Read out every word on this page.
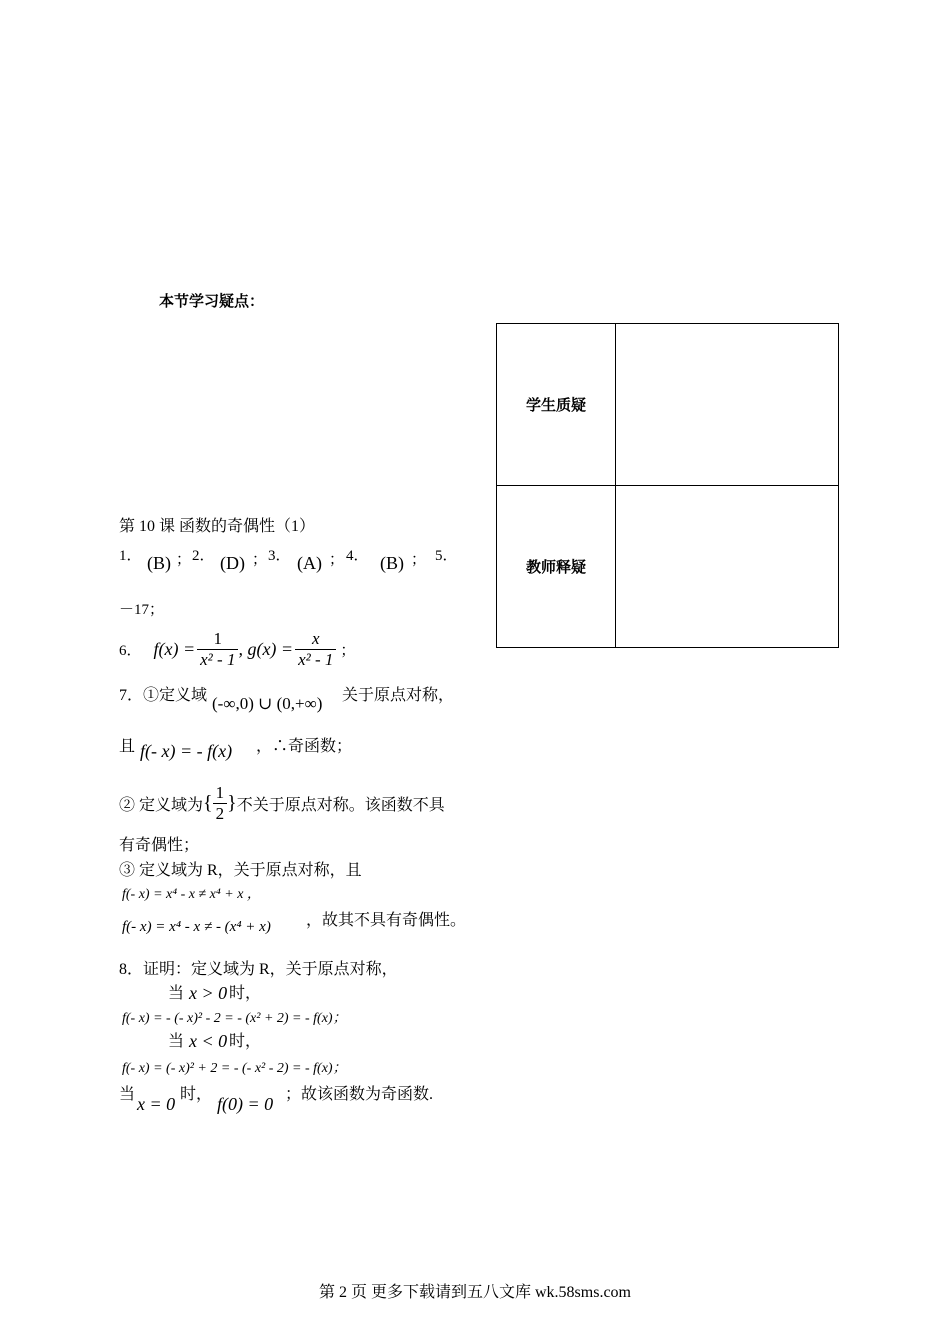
本节学习疑点：
学生质疑	
教师释疑	
第 10 课 函数的奇偶性（1）
1． (B) ； 2． (D) ； 3． (A) ； 4． (B) ； 5．
－17；
6． $f(x) = \frac{1}{\text{x² - 1}}$ , $g(x) = \frac{x}{\text{x² - 1}}$ ；
7．①定义域 (-∞,0) ∪ (0,+∞) 关于原点对称，
且 f(- x) = - f(x) ，∴奇函数；
② 定义域为 { $\frac{1}{2}$ } 不关于原点对称。该函数不具
有奇偶性；
③ 定义域为 R，关于原点对称，且
f(- x) = x⁴ - x ≠ x⁴ + x ，
f(- x) = x⁴ - x ≠ - (x⁴ + x) ，故其不具有奇偶性。
8．证明：定义域为 R，关于原点对称，
当 x > 0 时，
f(- x) = - (- x)² - 2 = - (x² + 2) = - f(x)；
当 x < 0 时，
f(- x) = (- x)² + 2 = - (- x² - 2) = - f(x)；
当 x = 0 时， f(0) = 0 ；故该函数为奇函数.
第 2 页 更多下载请到五八文库 wk.58sms.com
